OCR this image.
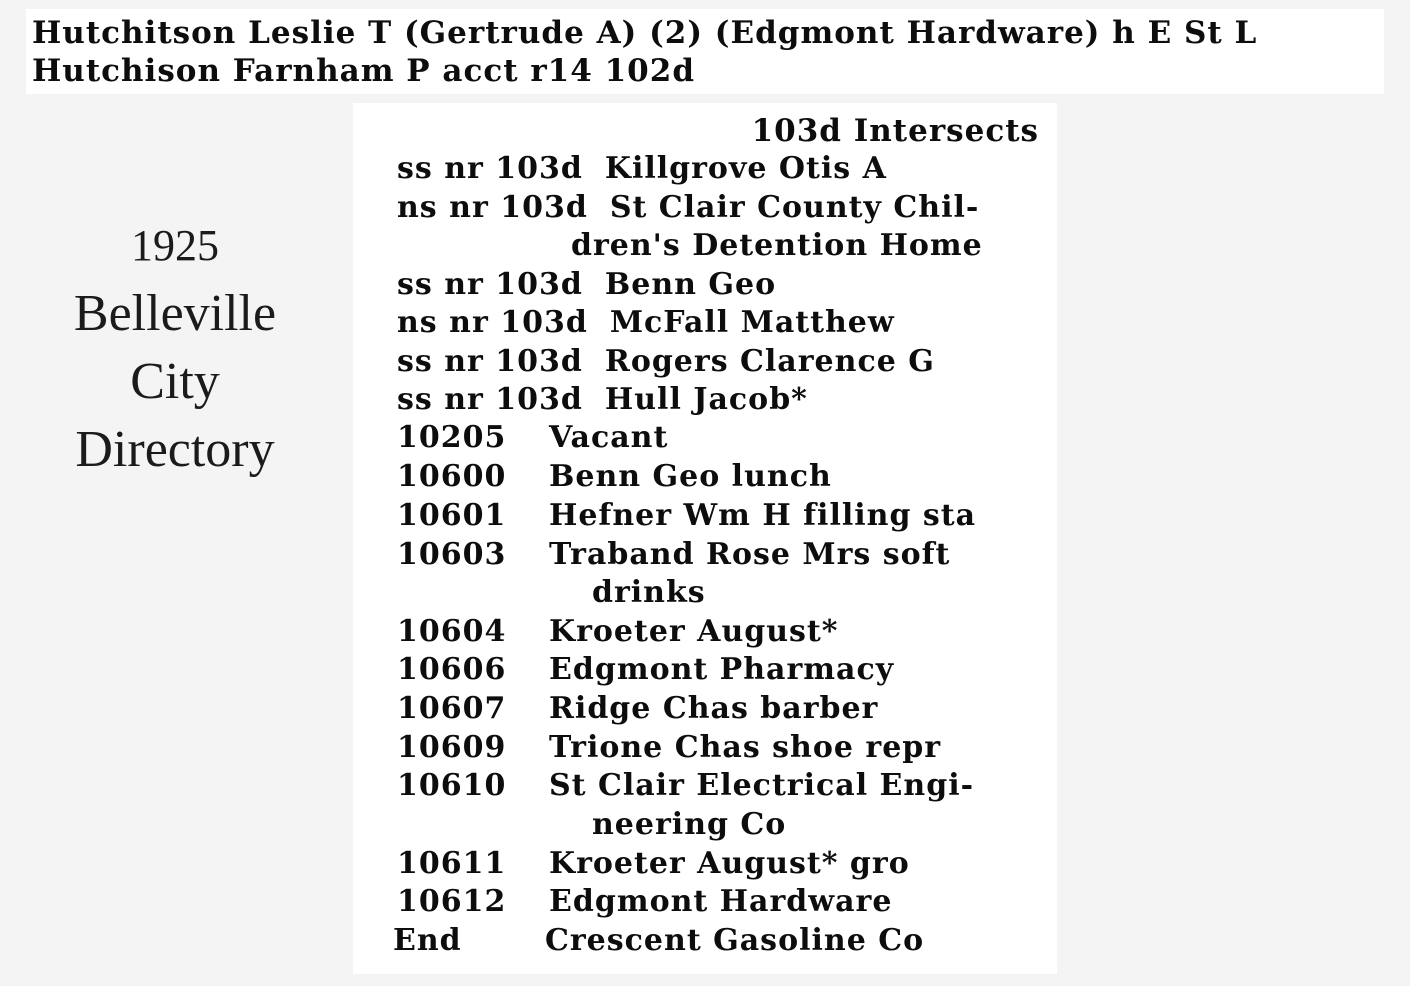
Hutchitson Leslie T (Gertrude A) (2) (Edgmont Hardware) h E St L
Hutchison Farnham P acct r14 102d
1925
Belleville
City
Directory
103d Intersects
ss nr 103d Killgrove Otis A
ns nr 103d St Clair County Chil-
dren's Detention Home
ss nr 103d Benn Geo
ns nr 103d McFall Matthew
ss nr 103d Rogers Clarence G
ss nr 103d Hull Jacob*
10205 Vacant
10600 Benn Geo lunch
10601 Hefner Wm H filling sta
10603 Traband Rose Mrs soft
drinks
10604 Kroeter August*
10606 Edgmont Pharmacy
10607 Ridge Chas barber
10609 Trione Chas shoe repr
10610 St Clair Electrical Engi-
neering Co
10611 Kroeter August* gro
10612 Edgmont Hardware
End	Crescent Gasoline Co
